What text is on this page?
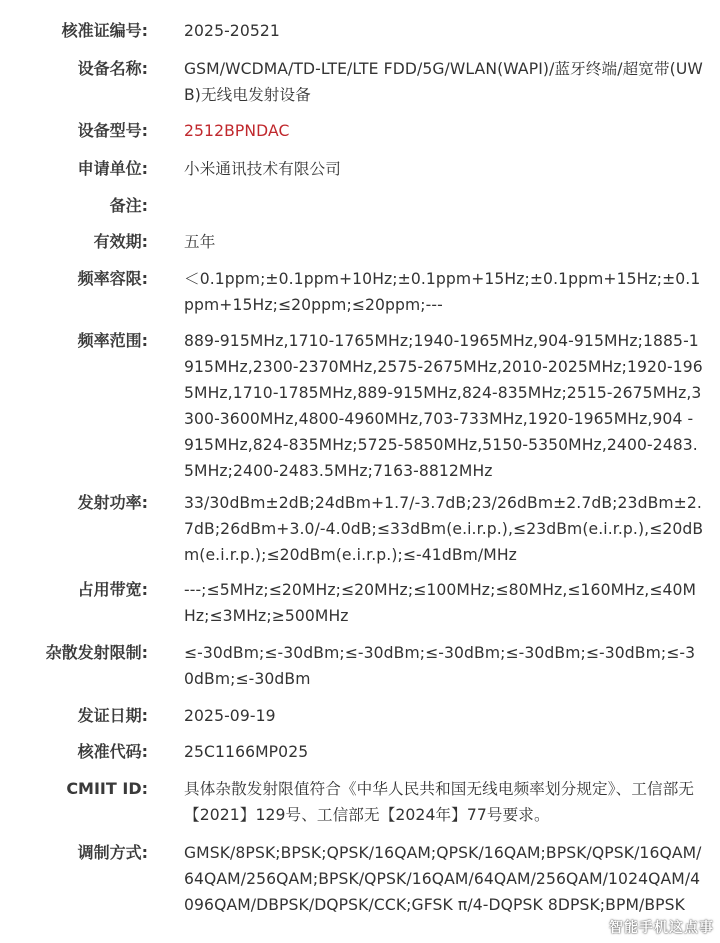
核准证编号: 2025-20521
设备名称: GSM/WCDMA/TD-LTE/LTE FDD/5G/WLAN(WAPI)/蓝牙终端/超宽带(UWB)无线电发射设备
设备型号: 2512BPNDAC
申请单位: 小米通讯技术有限公司
备注:
有效期: 五年
频率容限: ＜0.1ppm;±0.1ppm+10Hz;±0.1ppm+15Hz;±0.1ppm+15Hz;±0.1ppm+15Hz;≤20ppm;≤20ppm;---
频率范围: 889-915MHz,1710-1765MHz;1940-1965MHz,904-915MHz;1885-1915MHz,2300-2370MHz,2575-2675MHz,2010-2025MHz;1920-1965MHz,1710-1785MHz,889-915MHz,824-835MHz;2515-2675MHz,3300-3600MHz,4800-4960MHz,703-733MHz,1920-1965MHz,904 - 915MHz,824-835MHz;5725-5850MHz,5150-5350MHz,2400-2483.5MHz;2400-2483.5MHz;7163-8812MHz
发射功率: 33/30dBm±2dB;24dBm+1.7/-3.7dB;23/26dBm±2.7dB;23dBm±2.7dB;26dBm+3.0/-4.0dB;≤33dBm(e.i.r.p.),≤23dBm(e.i.r.p.),≤20dBm(e.i.r.p.);≤20dBm(e.i.r.p.);≤-41dBm/MHz
占用带宽: ---;≤5MHz;≤20MHz;≤20MHz;≤100MHz;≤80MHz,≤160MHz,≤40MHz;≤3MHz;≥500MHz
杂散发射限制: ≤-30dBm;≤-30dBm;≤-30dBm;≤-30dBm;≤-30dBm;≤-30dBm;≤-30dBm;≤-30dBm
发证日期: 2025-09-19
核准代码: 25C1166MP025
CMIIT ID: 具体杂散发射限值符合《中华人民共和国无线电频率划分规定》、工信部无【2021】129号、工信部无【2024年】77号要求。
调制方式: GMSK/8PSK;BPSK;QPSK/16QAM;QPSK/16QAM;BPSK/QPSK/16QAM/64QAM/256QAM;BPSK/QPSK/16QAM/64QAM/256QAM/1024QAM/4096QAM/DBPSK/DQPSK/CCK;GFSK π/4-DQPSK 8DPSK;BPM/BPSK
智能手机这点事
